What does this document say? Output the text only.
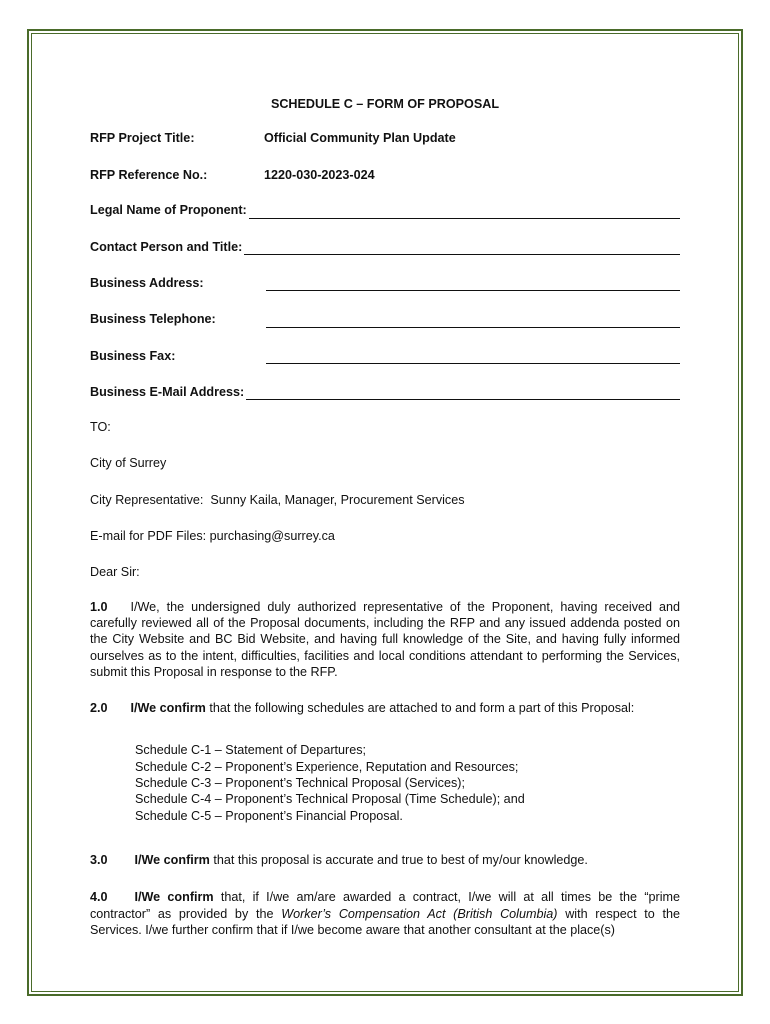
SCHEDULE C – FORM OF PROPOSAL
RFP Project Title:	Official Community Plan Update
RFP Reference No.:	1220-030-2023-024
Legal Name of Proponent:
Contact Person and Title:
Business Address:
Business Telephone:
Business Fax:
Business E-Mail Address:

TO:

City of Surrey

City Representative: Sunny Kaila, Manager, Procurement Services

E-mail for PDF Files: purchasing@surrey.ca

Dear Sir:

1.0 I/We, the undersigned duly authorized representative of the Proponent, having received and carefully reviewed all of the Proposal documents, including the RFP and any issued addenda posted on the City Website and BC Bid Website, and having full knowledge of the Site, and having fully informed ourselves as to the intent, difficulties, facilities and local conditions attendant to performing the Services, submit this Proposal in response to the RFP.

2.0 I/We confirm that the following schedules are attached to and form a part of this Proposal:

Schedule C-1 – Statement of Departures;
Schedule C-2 – Proponent’s Experience, Reputation and Resources;
Schedule C-3 – Proponent’s Technical Proposal (Services);
Schedule C-4 – Proponent’s Technical Proposal (Time Schedule); and
Schedule C-5 – Proponent’s Financial Proposal.

3.0 I/We confirm that this proposal is accurate and true to best of my/our knowledge.

4.0 I/We confirm that, if I/we am/are awarded a contract, I/we will at all times be the “prime contractor” as provided by the Worker’s Compensation Act (British Columbia) with respect to the Services. I/we further confirm that if I/we become aware that another consultant at the place(s)
